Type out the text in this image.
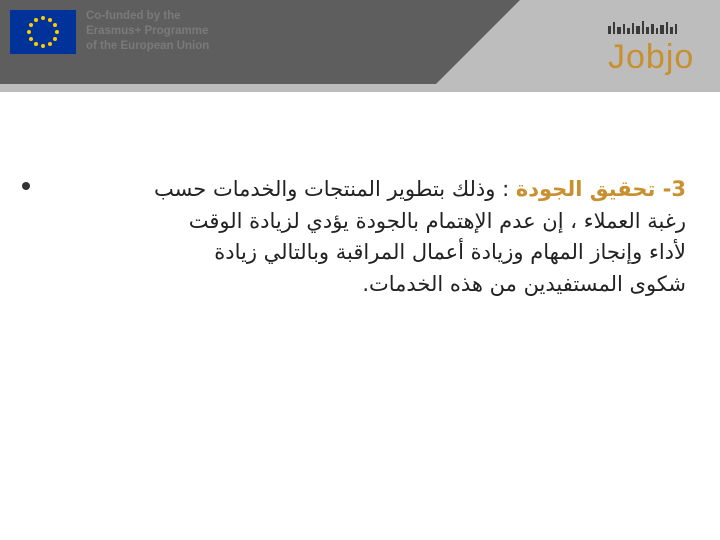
Co-funded by the
Erasmus+ Programme
of the European Union	Jobjo
3- تحقيق الجودة : وذلك بتطوير المنتجات والخدمات حسب
رغبة العملاء ، إن عدم الإهتمام بالجودة يؤدي لزيادة الوقت
لأداء وإنجاز المهام وزيادة أعمال المراقبة وبالتالي زيادة
شكوى المستفيدين من هذه الخدمات.
